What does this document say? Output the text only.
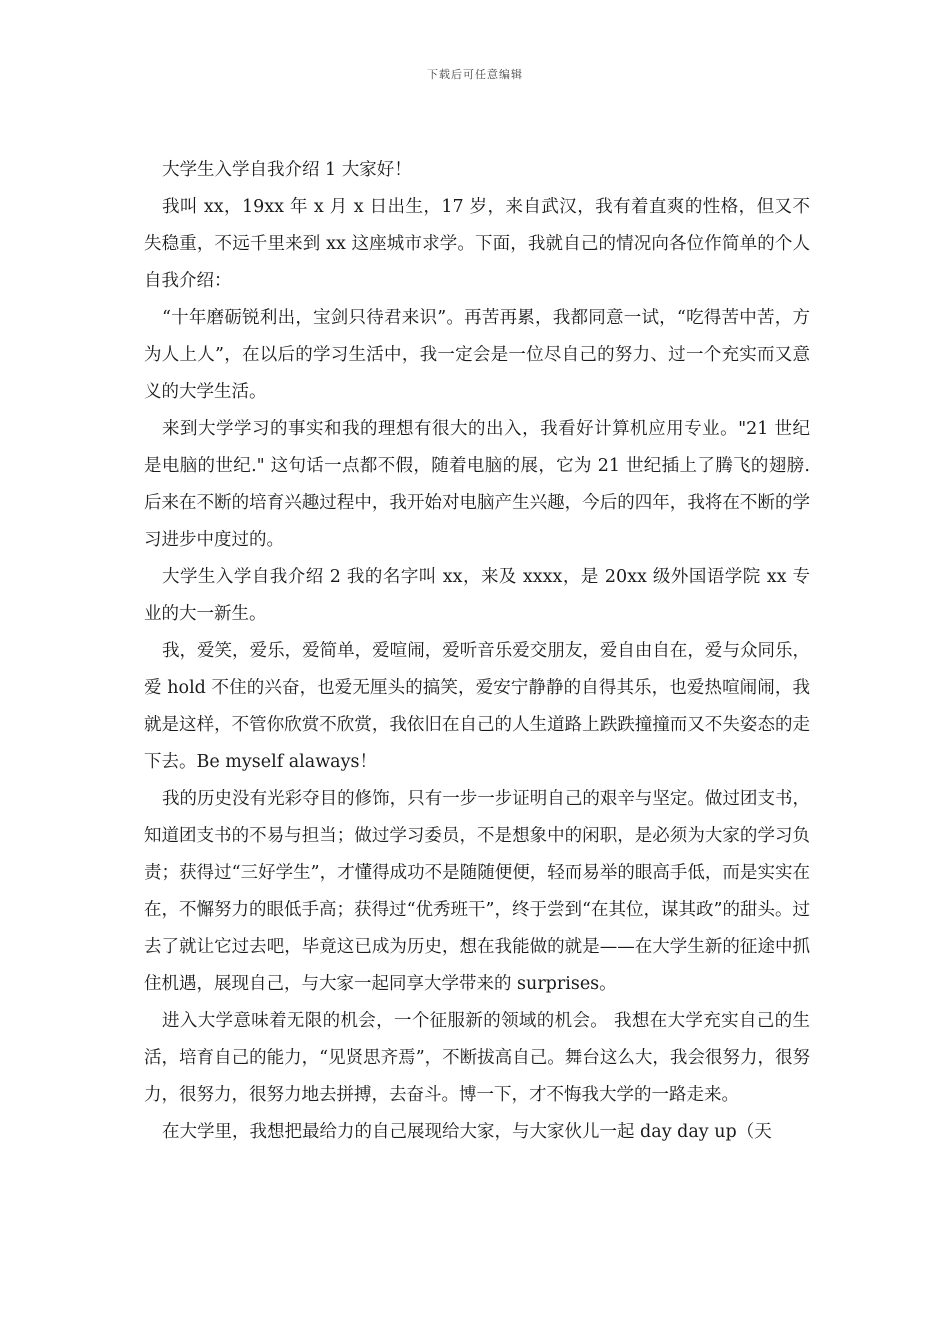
下载后可任意编辑

大学生入学自我介绍 1 大家好！

我叫 xx，19xx 年 x 月 x 日出生，17 岁，来自武汉，我有着直爽的性格，但又不失稳重，不远千里来到 xx 这座城市求学。下面，我就自己的情况向各位作简单的个人自我介绍：

“十年磨砺锐利出，宝剑只待君来识”。再苦再累，我都同意一试，“吃得苦中苦，方为人上人”，在以后的学习生活中，我一定会是一位尽自己的努力、过一个充实而又意义的大学生活。

来到大学学习的事实和我的理想有很大的出入，我看好计算机应用专业。"21 世纪是电脑的世纪." 这句话一点都不假，随着电脑的展，它为 21 世纪插上了腾飞的翅膀.后来在不断的培育兴趣过程中，我开始对电脑产生兴趣，今后的四年，我将在不断的学习进步中度过的。

大学生入学自我介绍 2 我的名字叫 xx，来及 xxxx，是 20xx 级外国语学院 xx 专业的大一新生。

我，爱笑，爱乐，爱简单，爱喧闹，爱听音乐爱交朋友，爱自由自在，爱与众同乐，爱 hold 不住的兴奋，也爱无厘头的搞笑，爱安宁静静的自得其乐，也爱热喧闹闹，我就是这样，不管你欣赏不欣赏，我依旧在自己的人生道路上跌跌撞撞而又不失姿态的走下去。Be myself alaways！

我的历史没有光彩夺目的修饰，只有一步一步证明自己的艰辛与坚定。做过团支书，知道团支书的不易与担当；做过学习委员，不是想象中的闲职，是必须为大家的学习负责；获得过“三好学生”，才懂得成功不是随随便便，轻而易举的眼高手低，而是实实在在，不懈努力的眼低手高；获得过“优秀班干”，终于尝到“在其位，谋其政”的甜头。过去了就让它过去吧，毕竟这已成为历史，想在我能做的就是——在大学生新的征途中抓住机遇，展现自己，与大家一起同享大学带来的 surprises。

进入大学意味着无限的机会，一个征服新的领域的机会。 我想在大学充实自己的生活，培育自己的能力，“见贤思齐焉”，不断拔高自己。舞台这么大，我会很努力，很努力，很努力，很努力地去拼搏，去奋斗。博一下，才不悔我大学的一路走来。

在大学里，我想把最给力的自己展现给大家，与大家伙儿一起 day day up（天
